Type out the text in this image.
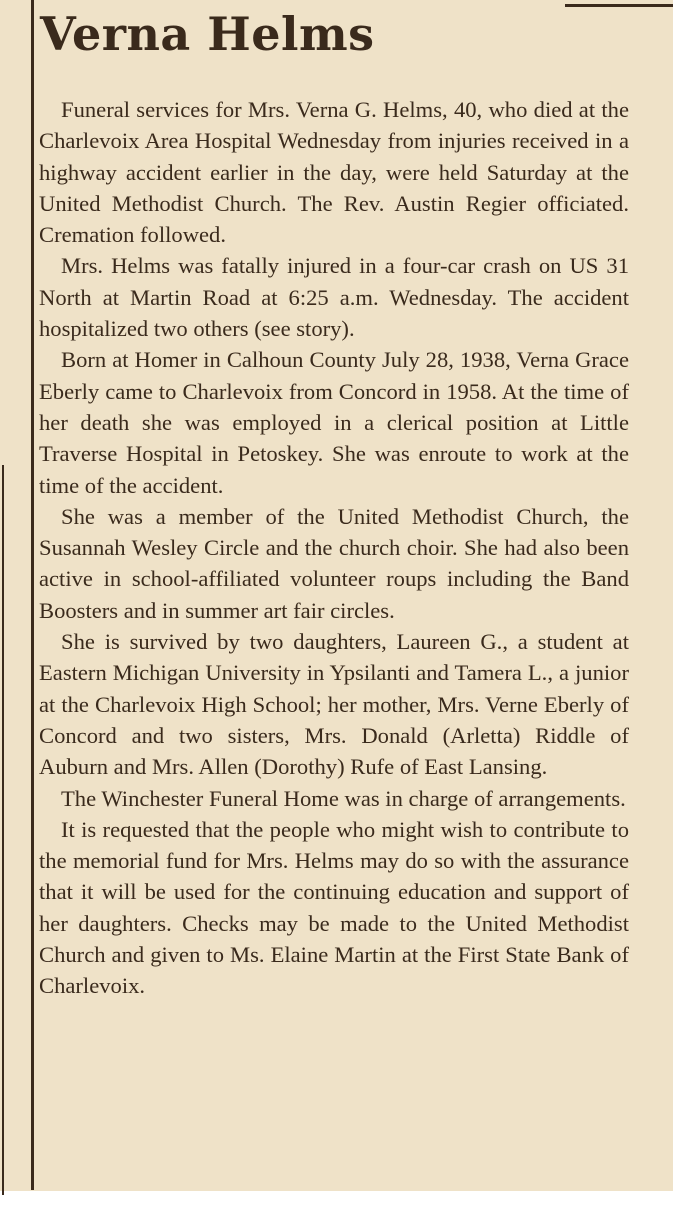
Verna Helms

Funeral services for Mrs. Verna G. Helms, 40, who died at the Charlevoix Area Hospital Wednesday from injuries received in a highway accident earlier in the day, were held Saturday at the United Methodist Church. The Rev. Austin Regier officiated. Cremation followed.

Mrs. Helms was fatally injured in a four-car crash on US 31 North at Martin Road at 6:25 a.m. Wednesday. The accident hospitalized two others (see story).

Born at Homer in Calhoun County July 28, 1938, Verna Grace Eberly came to Charlevoix from Concord in 1958. At the time of her death she was employed in a clerical position at Little Traverse Hospital in Petoskey. She was enroute to work at the time of the accident.

She was a member of the United Methodist Church, the Susannah Wesley Circle and the church choir. She had also been active in school-affiliated volunteer roups including the Band Boosters and in summer art fair circles.

She is survived by two daughters, Laureen G., a student at Eastern Michigan University in Ypsilanti and Tamera L., a junior at the Charlevoix High School; her mother, Mrs. Verne Eberly of Concord and two sisters, Mrs. Donald (Arletta) Riddle of Auburn and Mrs. Allen (Dorothy) Rufe of East Lansing.

The Winchester Funeral Home was in charge of arrangements.

It is requested that the people who might wish to contribute to the memorial fund for Mrs. Helms may do so with the assurance that it will be used for the continuing education and support of her daughters. Checks may be made to the United Methodist Church and given to Ms. Elaine Martin at the First State Bank of Charlevoix.
